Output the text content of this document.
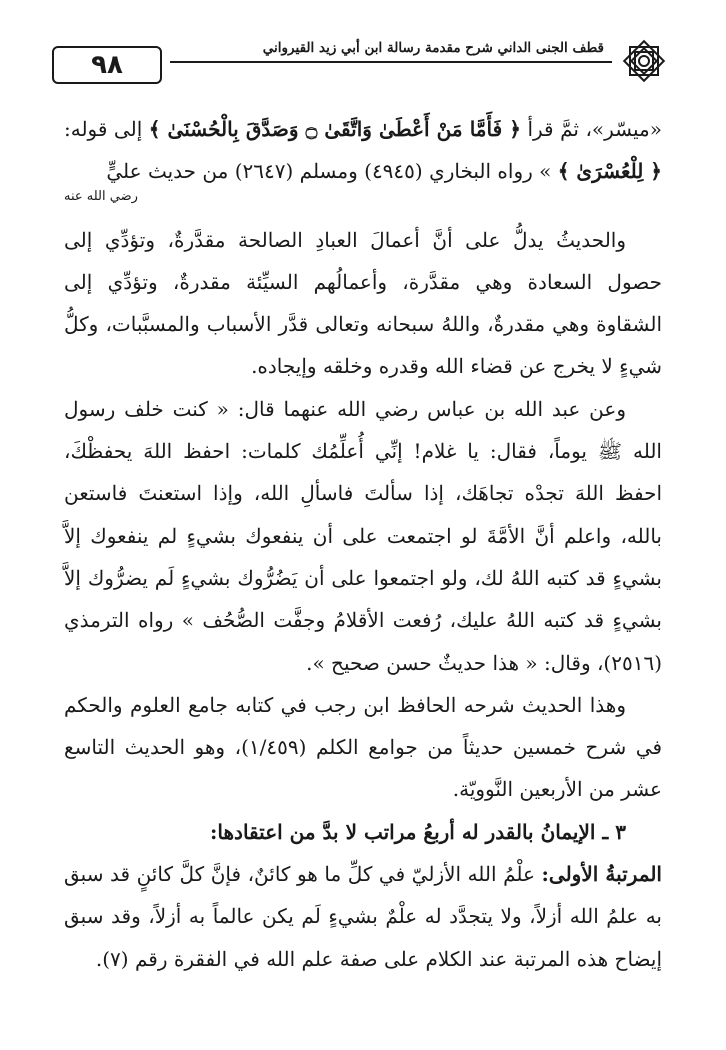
قطف الجنى الداني شرح مقدمة رسالة ابن أبي زيد القيرواني
٩٨

«ميسّر»، ثمَّ قرأ ﴿ فَأَمَّا مَنْ أَعْطَىٰ وَاتَّقَىٰ ۝ وَصَدَّقَ بِالْحُسْنَىٰ ﴾ إلى قوله: ﴿ لِلْعُسْرَىٰ ﴾ » رواه البخاري (٤٩٤٥) ومسلم (٢٦٤٧) من حديث عليٍّ
رضي الله عنه

والحديثُ يدلُّ على أنَّ أعمالَ العبادِ الصالحة مقدَّرةٌ، وتؤدِّي إلى حصول السعادة وهي مقدَّرة، وأعمالُهم السيِّئة مقدرةٌ، وتؤدِّي إلى الشقاوة وهي مقدرةٌ، واللهُ سبحانه وتعالى قدَّر الأسباب والمسبَّبات، وكلُّ شيءٍ لا يخرج عن قضاء الله وقدره وخلقه وإيجاده.

وعن عبد الله بن عباس رضي الله عنهما قال: « كنت خلف رسول الله ﷺ يوماً، فقال: يا غلام! إنِّي أُعلِّمُك كلمات: احفظ اللهَ يحفظْكَ، احفظ اللهَ تجدْه تجاهَك، إذا سألتَ فاسألِ الله، وإذا استعنتَ فاستعن بالله، واعلم أنَّ الأمَّةَ لو اجتمعت على أن ينفعوك بشيءٍ لم ينفعوك إلاَّ بشيءٍ قد كتبه اللهُ لك، ولو اجتمعوا على أن يَضُرُّوك بشيءٍ لَم يضرُّوك إلاَّ بشيءٍ قد كتبه اللهُ عليك، رُفعت الأقلامُ وجفَّت الصُّحُف » رواه الترمذي (٢٥١٦)، وقال: « هذا حديثٌ حسن صحيح ».

وهذا الحديث شرحه الحافظ ابن رجب في كتابه جامع العلوم والحكم في شرح خمسين حديثاً من جوامع الكلم (١/٤٥٩)، وهو الحديث التاسع عشر من الأربعين النَّوويّة.

٣ ـ الإيمانُ بالقدر له أربعُ مراتب لا بدَّ من اعتقادها:

المرتبةُ الأولى: علْمُ الله الأزليّ في كلِّ ما هو كائنٌ، فإنَّ كلَّ كائنٍ قد سبق به علمُ الله أزلاً، ولا يتجدَّد له علْمٌ بشيءٍ لَم يكن عالماً به أزلاً، وقد سبق إيضاح هذه المرتبة عند الكلام على صفة علم الله في الفقرة رقم (٧).
